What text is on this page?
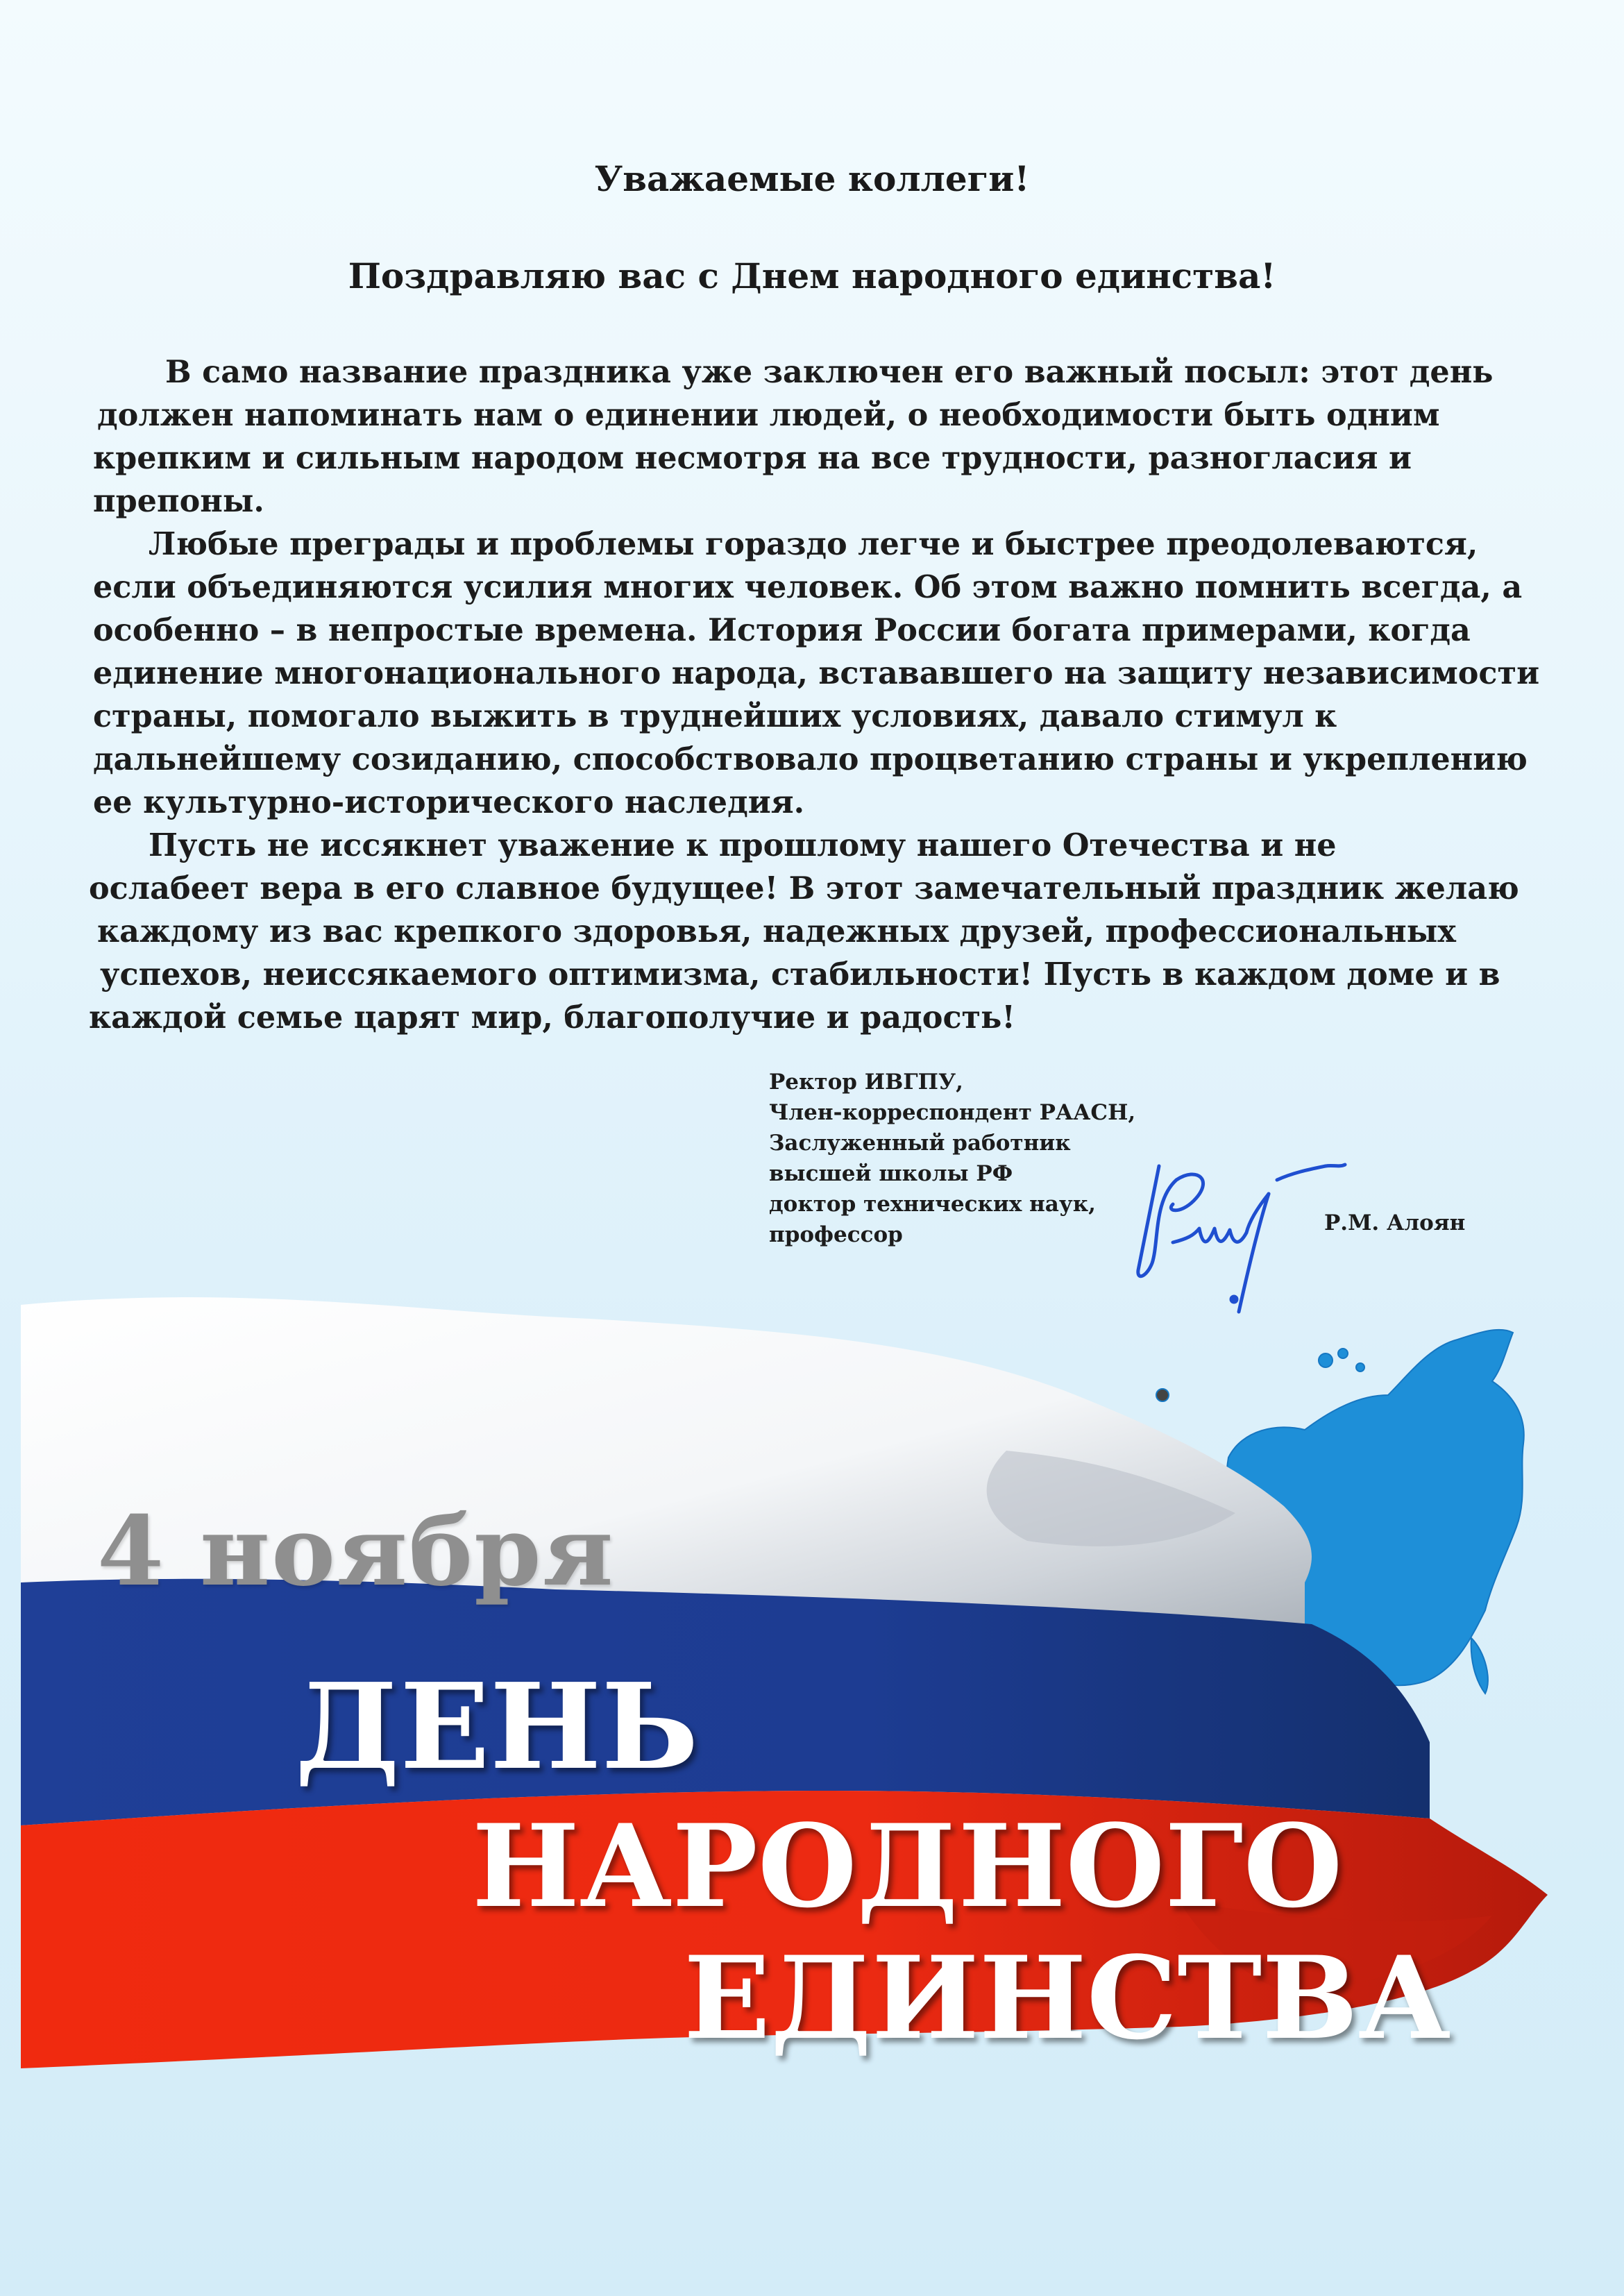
Уважаемые коллеги!
Поздравляю вас с Днем народного единства!
В само название праздника уже заключен его важный посыл: этот день
должен напоминать нам о единении людей, о необходимости быть одним
крепким и сильным народом несмотря на все трудности, разногласия и
препоны.
Любые преграды и проблемы гораздо легче и быстрее преодолеваются,
если объединяются усилия многих человек. Об этом важно помнить всегда, а
особенно – в непростые времена. История России богата примерами, когда
единение многонационального народа, встававшего на защиту независимости
страны, помогало выжить в труднейших условиях, давало стимул к
дальнейшему созиданию, способствовало процветанию страны и укреплению
ее культурно-исторического наследия.
Пусть не иссякнет уважение к прошлому нашего Отечества и не
ослабеет вера в его славное будущее! В этот замечательный праздник желаю
каждому из вас крепкого здоровья, надежных друзей, профессиональных
успехов, неиссякаемого оптимизма, стабильности! Пусть в каждом доме и в
каждой семье царят мир, благополучие и радость!
Ректор ИВГПУ,
Член-корреспондент РААСН,
Заслуженный работник
высшей школы РФ
доктор технических наук,
профессор	Р.М. Алоян
4 ноября
ДЕНЬ
НАРОДНОГО
ЕДИНСТВА
